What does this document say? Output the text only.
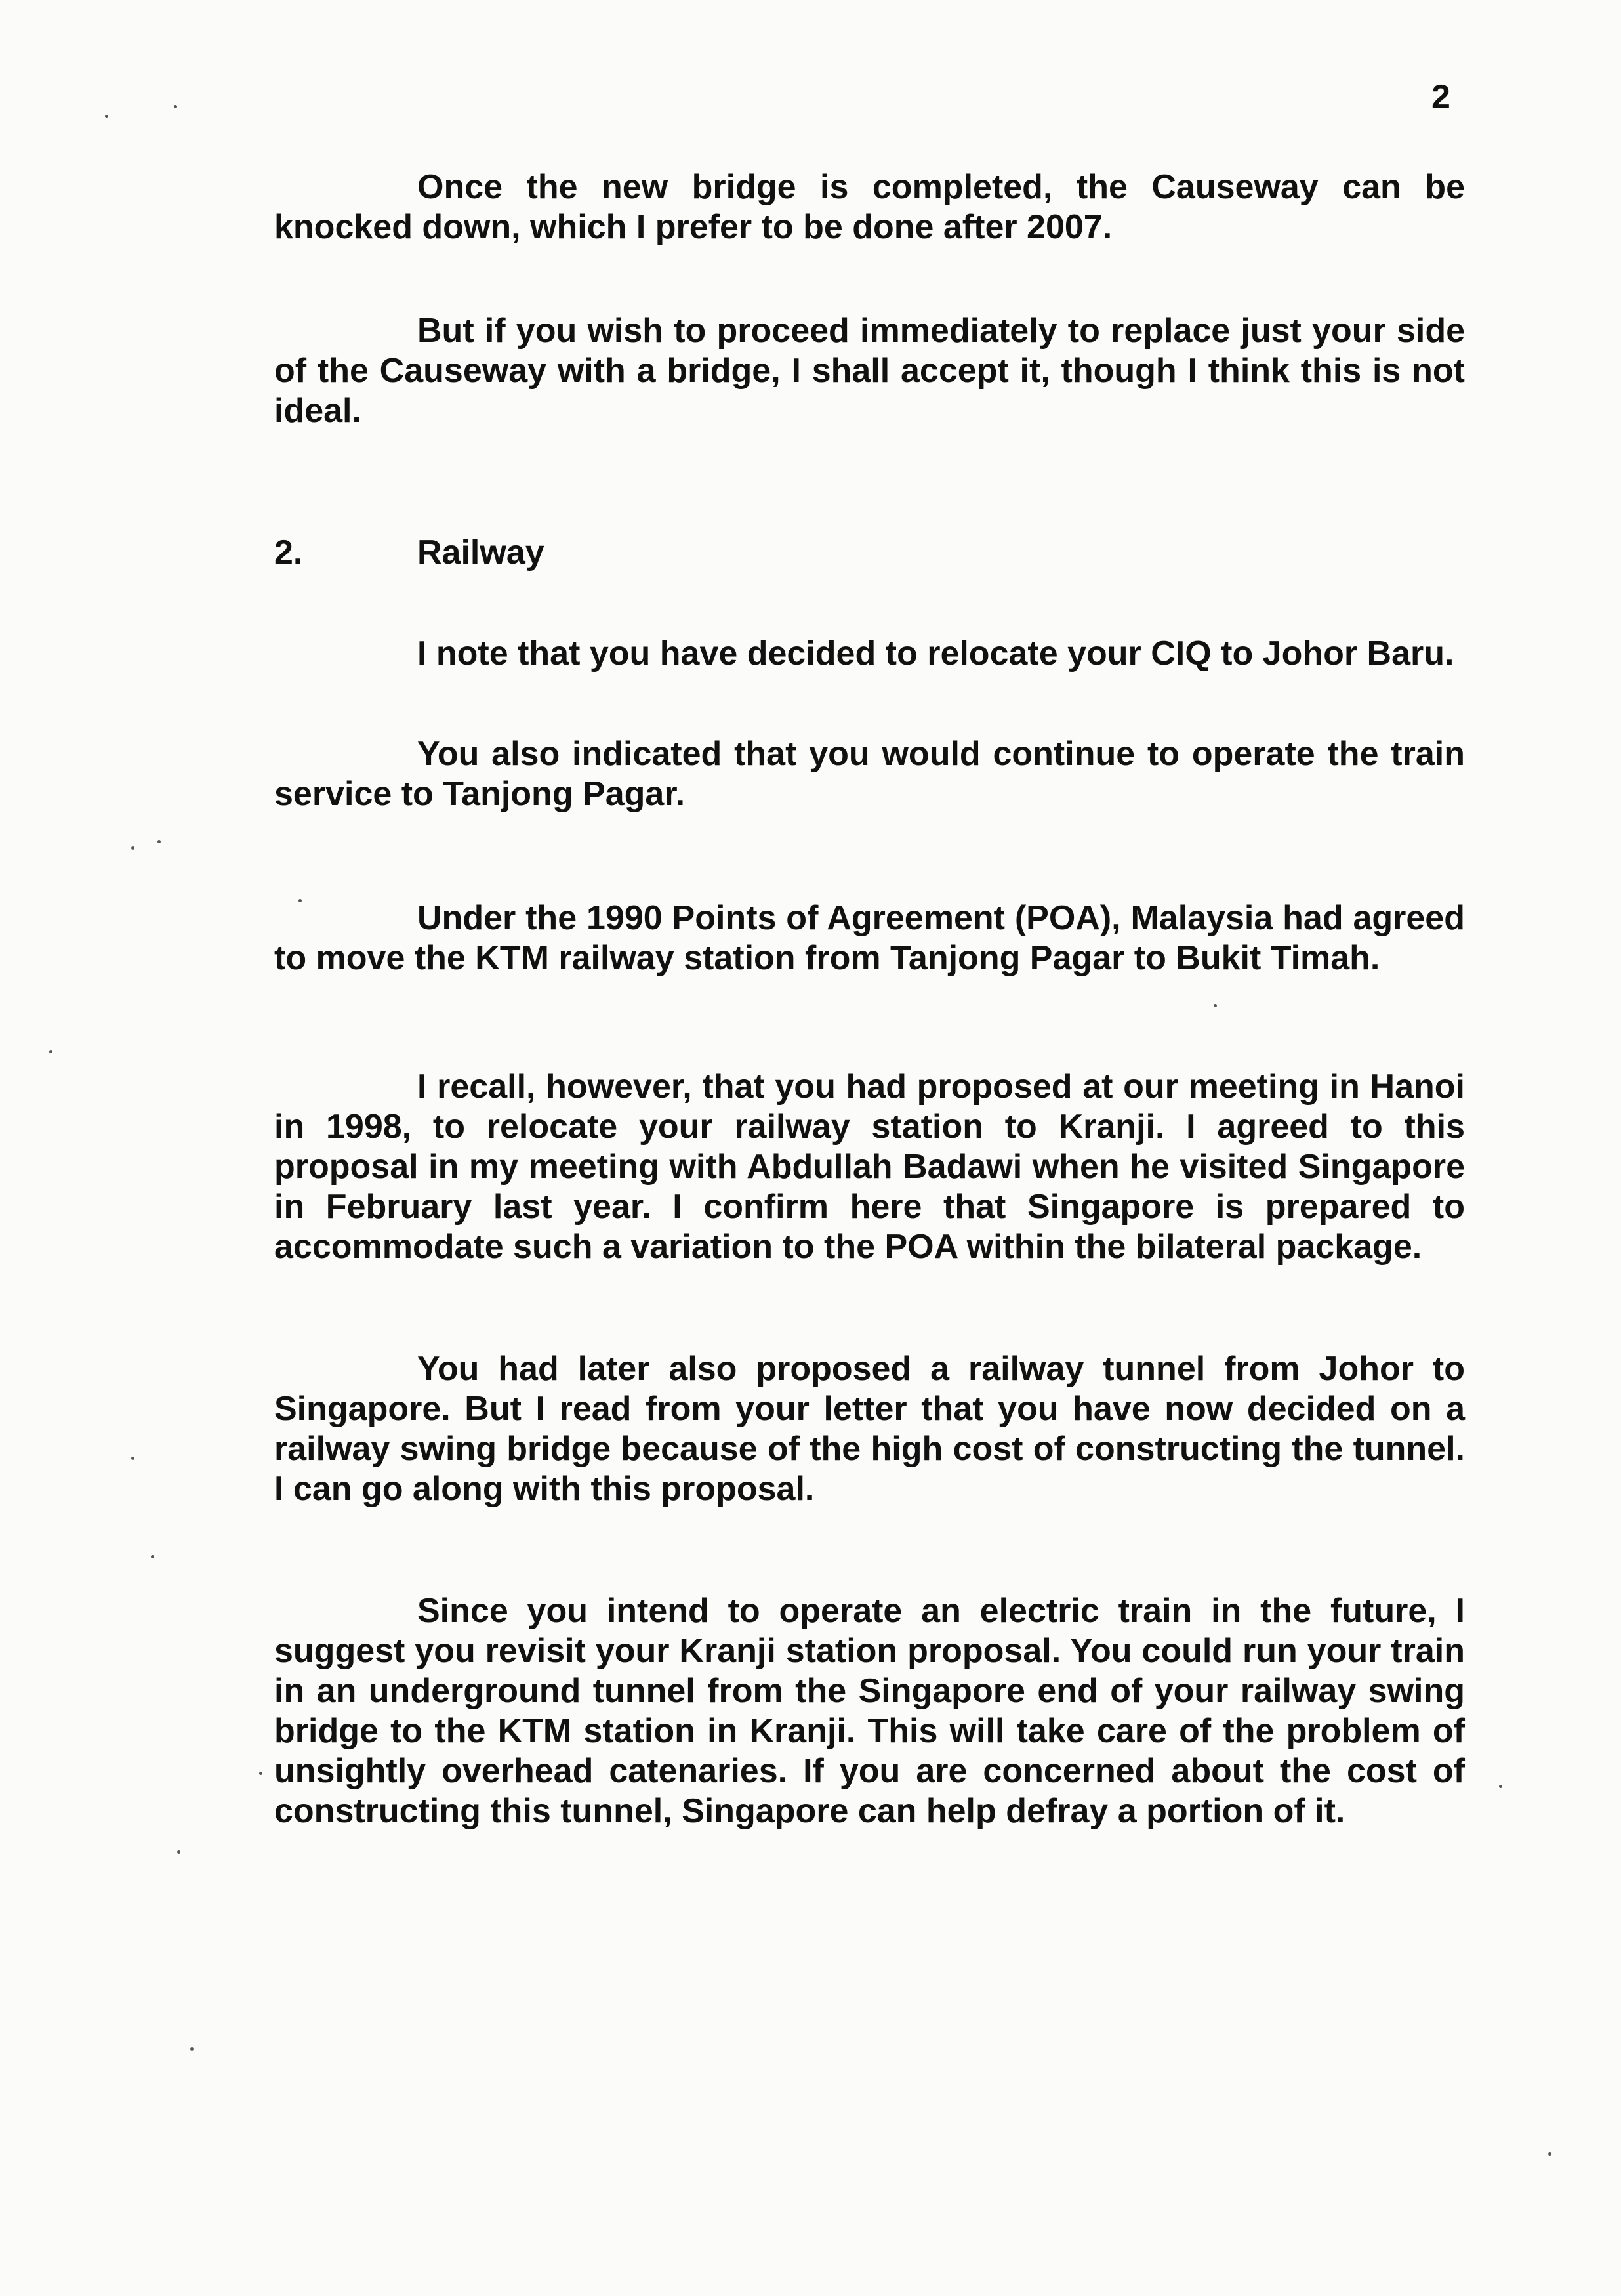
2

Once the new bridge is completed, the Causeway can be knocked down, which I prefer to be done after 2007.

But if you wish to proceed immediately to replace just your side of the Causeway with a bridge, I shall accept it, though I think this is not ideal.

2.	Railway

I note that you have decided to relocate your CIQ to Johor Baru.

You also indicated that you would continue to operate the train service to Tanjong Pagar.

Under the 1990 Points of Agreement (POA), Malaysia had agreed to move the KTM railway station from Tanjong Pagar to Bukit Timah.

I recall, however, that you had proposed at our meeting in Hanoi in 1998, to relocate your railway station to Kranji. I agreed to this proposal in my meeting with Abdullah Badawi when he visited Singapore in February last year. I confirm here that Singapore is prepared to accommodate such a variation to the POA within the bilateral package.

You had later also proposed a railway tunnel from Johor to Singapore. But I read from your letter that you have now decided on a railway swing bridge because of the high cost of constructing the tunnel. I can go along with this proposal.

Since you intend to operate an electric train in the future, I suggest you revisit your Kranji station proposal. You could run your train in an underground tunnel from the Singapore end of your railway swing bridge to the KTM station in Kranji. This will take care of the problem of unsightly overhead catenaries. If you are concerned about the cost of constructing this tunnel, Singapore can help defray a portion of it.
